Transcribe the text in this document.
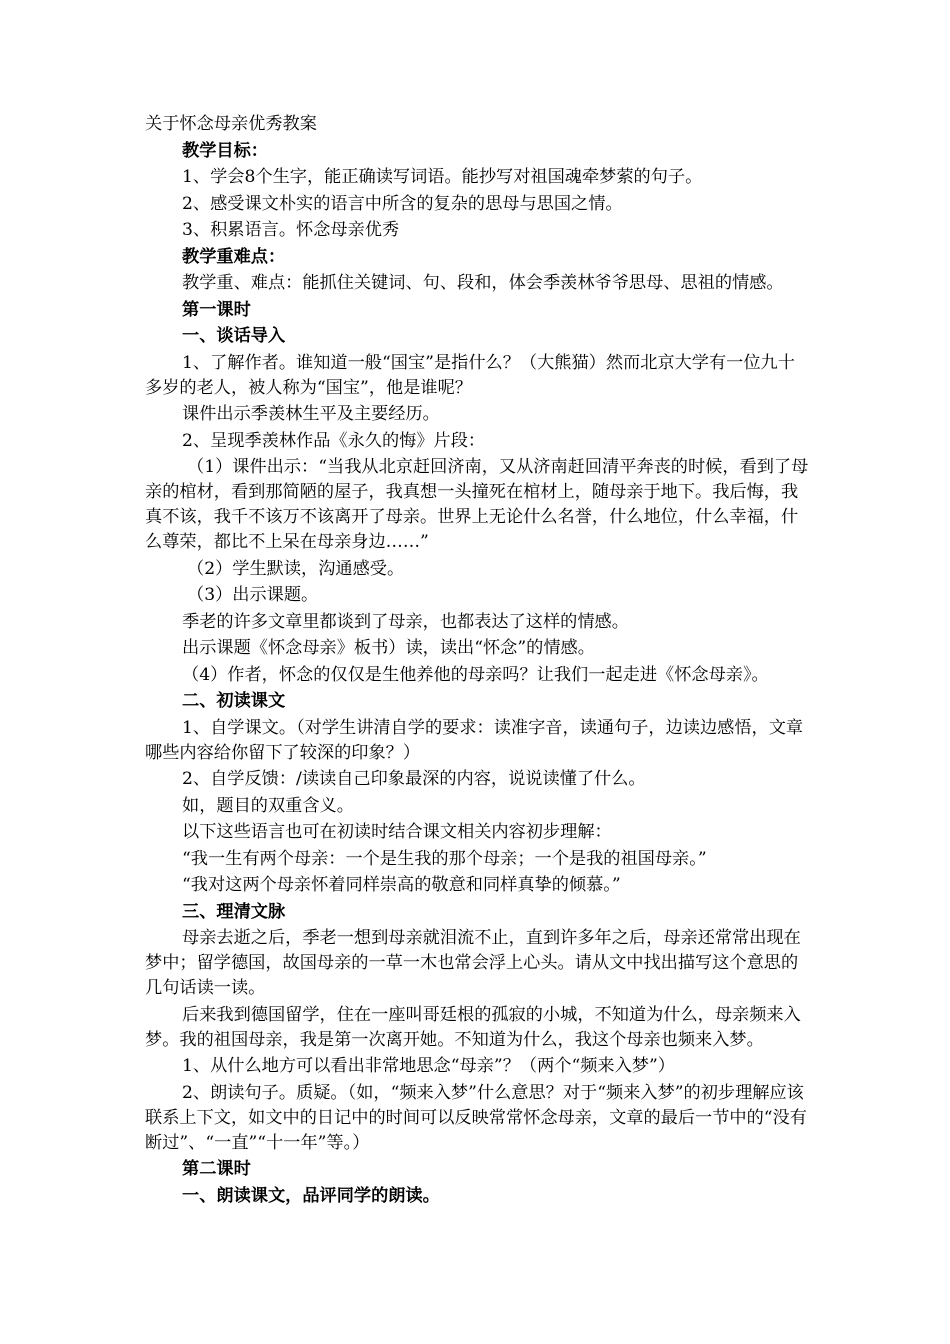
关于怀念母亲优秀教案

教学目标：

1、学会8个生字，能正确读写词语。能抄写对祖国魂牵梦萦的句子。

2、感受课文朴实的语言中所含的复杂的思母与思国之情。

3、积累语言。怀念母亲优秀

教学重难点：

教学重、难点：能抓住关键词、句、段和，体会季羡林爷爷思母、思祖的情感。

第一课时

一、谈话导入

1、了解作者。谁知道一般“国宝”是指什么？（大熊猫）然而北京大学有一位九十多岁的老人，被人称为“国宝”，他是谁呢？

课件出示季羡林生平及主要经历。

2、呈现季羡林作品《永久的悔》片段：

（1）课件出示：“当我从北京赶回济南，又从济南赶回清平奔丧的时候，看到了母亲的棺材，看到那简陋的屋子，我真想一头撞死在棺材上，随母亲于地下。我后悔，我真不该，我千不该万不该离开了母亲。世界上无论什么名誉，什么地位，什么幸福，什么尊荣，都比不上呆在母亲身边……”

（2）学生默读，沟通感受。

（3）出示课题。

季老的许多文章里都谈到了母亲，也都表达了这样的情感。

出示课题《怀念母亲》板书）读，读出“怀念”的情感。

（4）作者，怀念的仅仅是生他养他的母亲吗？让我们一起走进《怀念母亲》。

二、初读课文

1、自学课文。（对学生讲清自学的要求：读准字音，读通句子，边读边感悟，文章哪些内容给你留下了较深的印象？）

2、自学反馈：/读读自己印象最深的内容，说说读懂了什么。

如，题目的双重含义。

以下这些语言也可在初读时结合课文相关内容初步理解：

“我一生有两个母亲：一个是生我的那个母亲；一个是我的祖国母亲。”

“我对这两个母亲怀着同样崇高的敬意和同样真挚的倾慕。”

三、理清文脉

母亲去逝之后，季老一想到母亲就泪流不止，直到许多年之后，母亲还常常出现在梦中；留学德国，故国母亲的一草一木也常会浮上心头。请从文中找出描写这个意思的几句话读一读。

后来我到德国留学，住在一座叫哥廷根的孤寂的小城，不知道为什么，母亲频来入梦。我的祖国母亲，我是第一次离开她。不知道为什么，我这个母亲也频来入梦。

1、从什么地方可以看出非常地思念“母亲”？（两个“频来入梦”）

2、朗读句子。质疑。（如，“频来入梦”什么意思？对于“频来入梦”的初步理解应该联系上下文，如文中的日记中的时间可以反映常常怀念母亲，文章的最后一节中的“没有断过”、“一直”“十一年”等。）

第二课时

一、朗读课文，品评同学的朗读。
